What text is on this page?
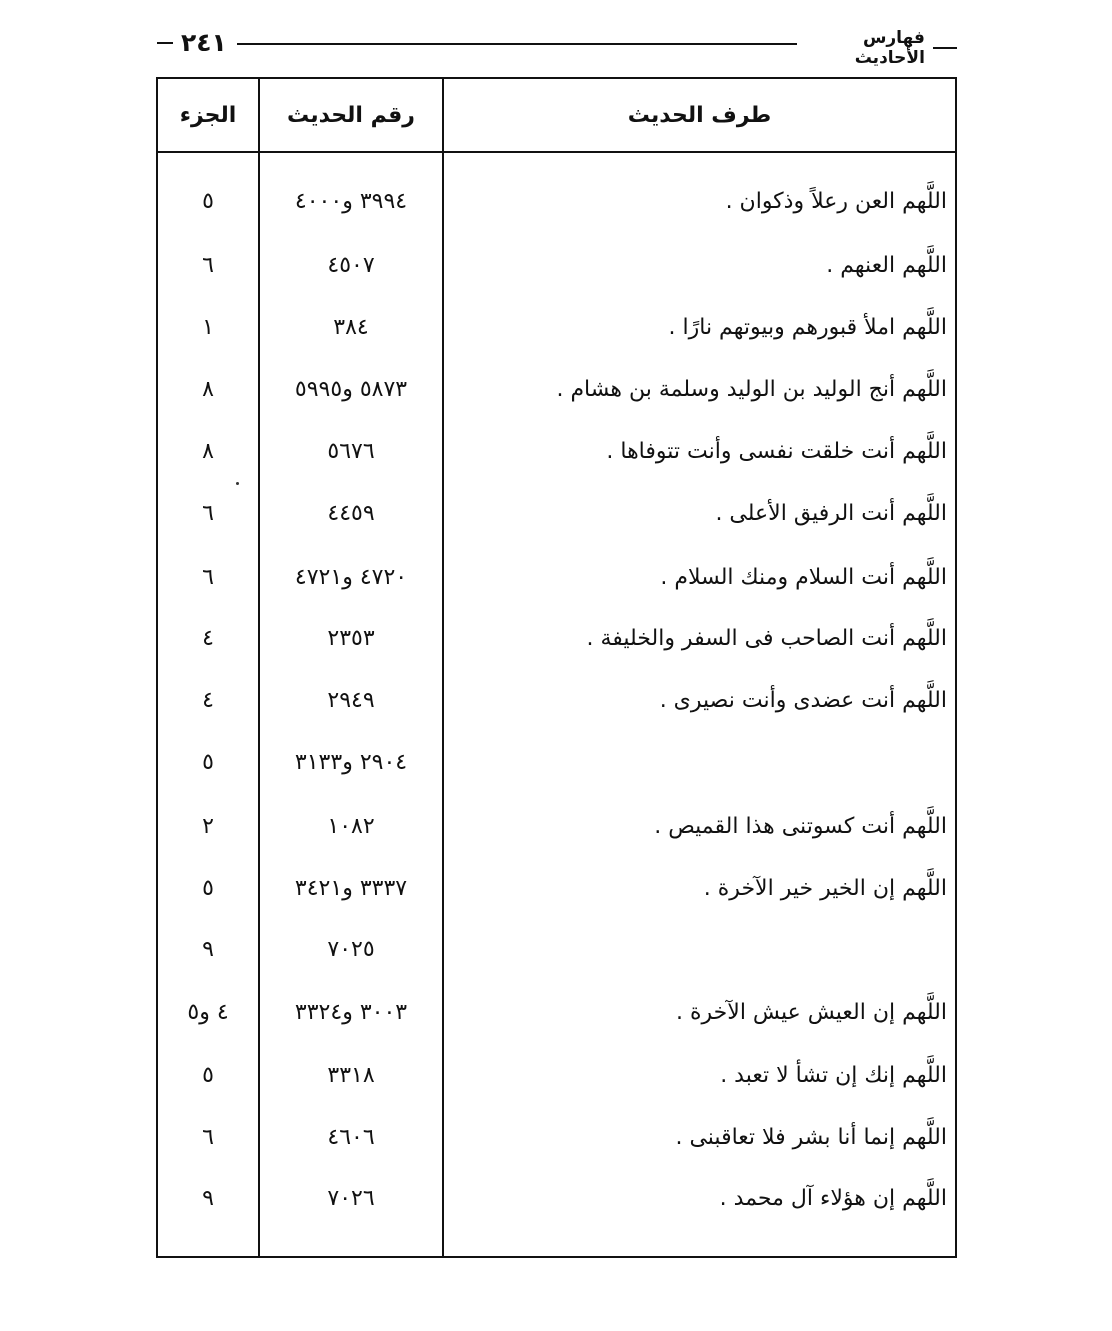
٢٤١	فهارس الأحاديث
الجزء	رقم الحديث	طرف الحديث
٥	٣٩٩٤ و٤٠٠٠	اللَّهم العن رعلاً وذكوان .
٦	٤٥٠٧	اللَّهم العنهم .
١	٣٨٤	اللَّهم املأ قبورهم وبيوتهم نارًا .
٨	٥٨٧٣ و٥٩٩٥	اللَّهم أنج الوليد بن الوليد وسلمة بن هشام .
٨	٥٦٧٦	اللَّهم أنت خلقت نفسى وأنت تتوفاها .
٦	٤٤٥٩	اللَّهم أنت الرفيق الأعلى .
٦	٤٧٢٠ و٤٧٢١	اللَّهم أنت السلام ومنك السلام .
٤	٢٣٥٣	اللَّهم أنت الصاحب فى السفر والخليفة .
٤	٢٩٤٩	اللَّهم أنت عضدى وأنت نصيرى .
٥	٢٩٠٤ و٣١٣٣
٢	١٠٨٢	اللَّهم أنت كسوتنى هذا القميص .
٥	٣٣٣٧ و٣٤٢١	اللَّهم إن الخير خير الآخرة .
٩	٧٠٢٥
٤ و٥	٣٠٠٣ و٣٣٢٤	اللَّهم إن العيش عيش الآخرة .
٥	٣٣١٨	اللَّهم إنك إن تشأ لا تعبد .
٦	٤٦٠٦	اللَّهم إنما أنا بشر فلا تعاقبنى .
٩	٧٠٢٦	اللَّهم إن هؤلاء آل محمد .
